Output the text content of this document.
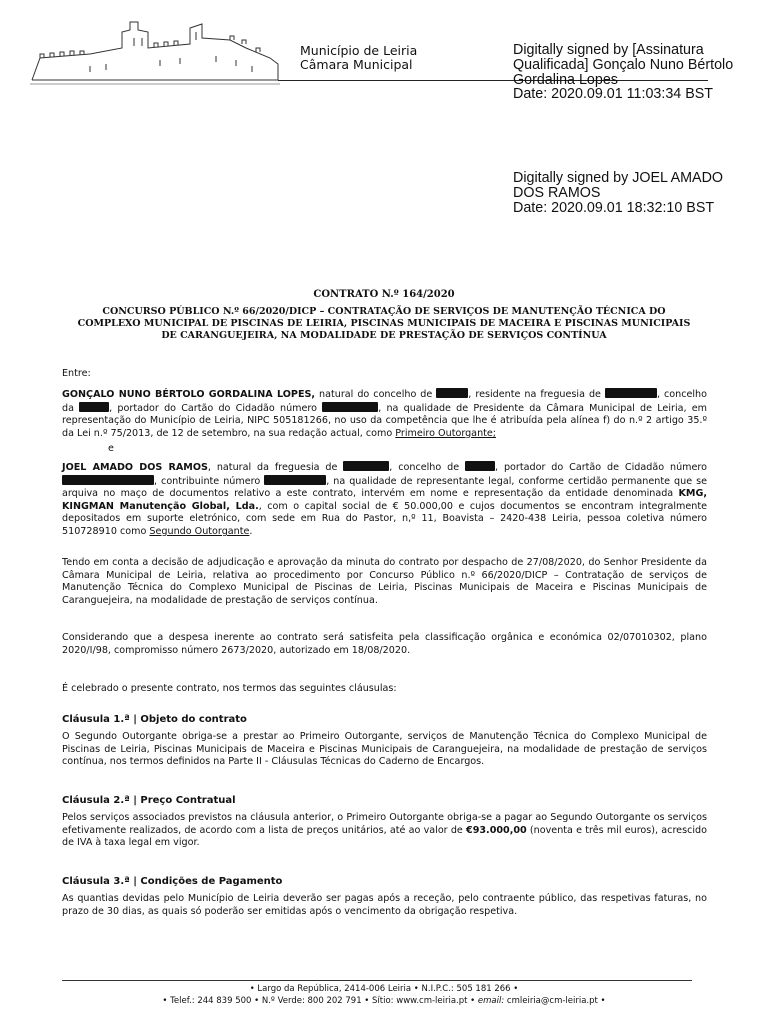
Município de Leiria
Câmara Municipal
Digitally signed by [Assinatura
Qualificada] Gonçalo Nuno Bértolo
Gordalina Lopes
Date: 2020.09.01 11:03:34 BST
Digitally signed by JOEL AMADO
DOS RAMOS
Date: 2020.09.01 18:32:10 BST
CONTRATO N.º 164/2020
CONCURSO PÚBLICO N.º 66/2020/DICP – CONTRATAÇÃO DE SERVIÇOS DE MANUTENÇÃO TÉCNICA DO COMPLEXO MUNICIPAL DE PISCINAS DE LEIRIA, PISCINAS MUNICIPAIS DE MACEIRA E PISCINAS MUNICIPAIS DE CARANGUEJEIRA, NA MODALIDADE DE PRESTAÇÃO DE SERVIÇOS CONTÍNUA
Entre:

GONÇALO NUNO BÉRTOLO GORDALINA LOPES, natural do concelho de	, residente na freguesia de	, concelho da	, portador do Cartão do Cidadão número	, na qualidade de Presidente da Câmara Municipal de Leiria, em representação do Município de Leiria, NIPC 505181266, no uso da competência que lhe é atribuída pela alínea f) do n.º 2 artigo 35.º da Lei n.º 75/2013, de 12 de setembro, na sua redação actual, como Primeiro Outorgante;

e

JOEL AMADO DOS RAMOS, natural da freguesia de	, concelho de	, portador do Cartão de Cidadão número , contribuinte número	, na qualidade de representante legal, conforme certidão permanente que se arquiva no maço de documentos relativo a este contrato, intervém em nome e representação da entidade denominada KMG, KINGMAN Manutenção Global, Lda., com o capital social de € 50.000,00 e cujos documentos se encontram integralmente depositados em suporte eletrónico, com sede em Rua do Pastor, n,º 11, Boavista – 2420-438 Leiria, pessoa coletiva número 510728910 como Segundo Outorgante.

Tendo em conta a decisão de adjudicação e aprovação da minuta do contrato por despacho de 27/08/2020, do Senhor Presidente da Câmara Municipal de Leiria, relativa ao procedimento por Concurso Público n.º 66/2020/DICP – Contratação de serviços de Manutenção Técnica do Complexo Municipal de Piscinas de Leiria, Piscinas Municipais de Maceira e Piscinas Municipais de Caranguejeira, na modalidade de prestação de serviços contínua.
Considerando que a despesa inerente ao contrato será satisfeita pela classificação orgânica e económica 02/07010302, plano 2020/I/98, compromisso número 2673/2020, autorizado em 18/08/2020.
É celebrado o presente contrato, nos termos das seguintes cláusulas:
Cláusula 1.ª | Objeto do contrato
O Segundo Outorgante obriga-se a prestar ao Primeiro Outorgante, serviços de Manutenção Técnica do Complexo Municipal de Piscinas de Leiria, Piscinas Municipais de Maceira e Piscinas Municipais de Caranguejeira, na modalidade de prestação de serviços contínua, nos termos definidos na Parte II - Cláusulas Técnicas do Caderno de Encargos.
Cláusula 2.ª | Preço Contratual

Pelos serviços associados previstos na cláusula anterior, o Primeiro Outorgante obriga-se a pagar ao Segundo Outorgante os serviços efetivamente realizados, de acordo com a lista de preços unitários, até ao valor de €93.000,00 (noventa e três mil euros), acrescido de IVA à taxa legal em vigor.

Cláusula 3.ª | Condições de Pagamento
As quantias devidas pelo Município de Leiria deverão ser pagas após a receção, pelo contraente público, das respetivas faturas, no prazo de 30 dias, as quais só poderão ser emitidas após o vencimento da obrigação respetiva.
• Largo da República, 2414-006 Leiria • N.I.P.C.: 505 181 266 •
• Telef.: 244 839 500 • N.º Verde: 800 202 791 • Sítio: www.cm-leiria.pt • email: cmleiria@cm-leiria.pt •
